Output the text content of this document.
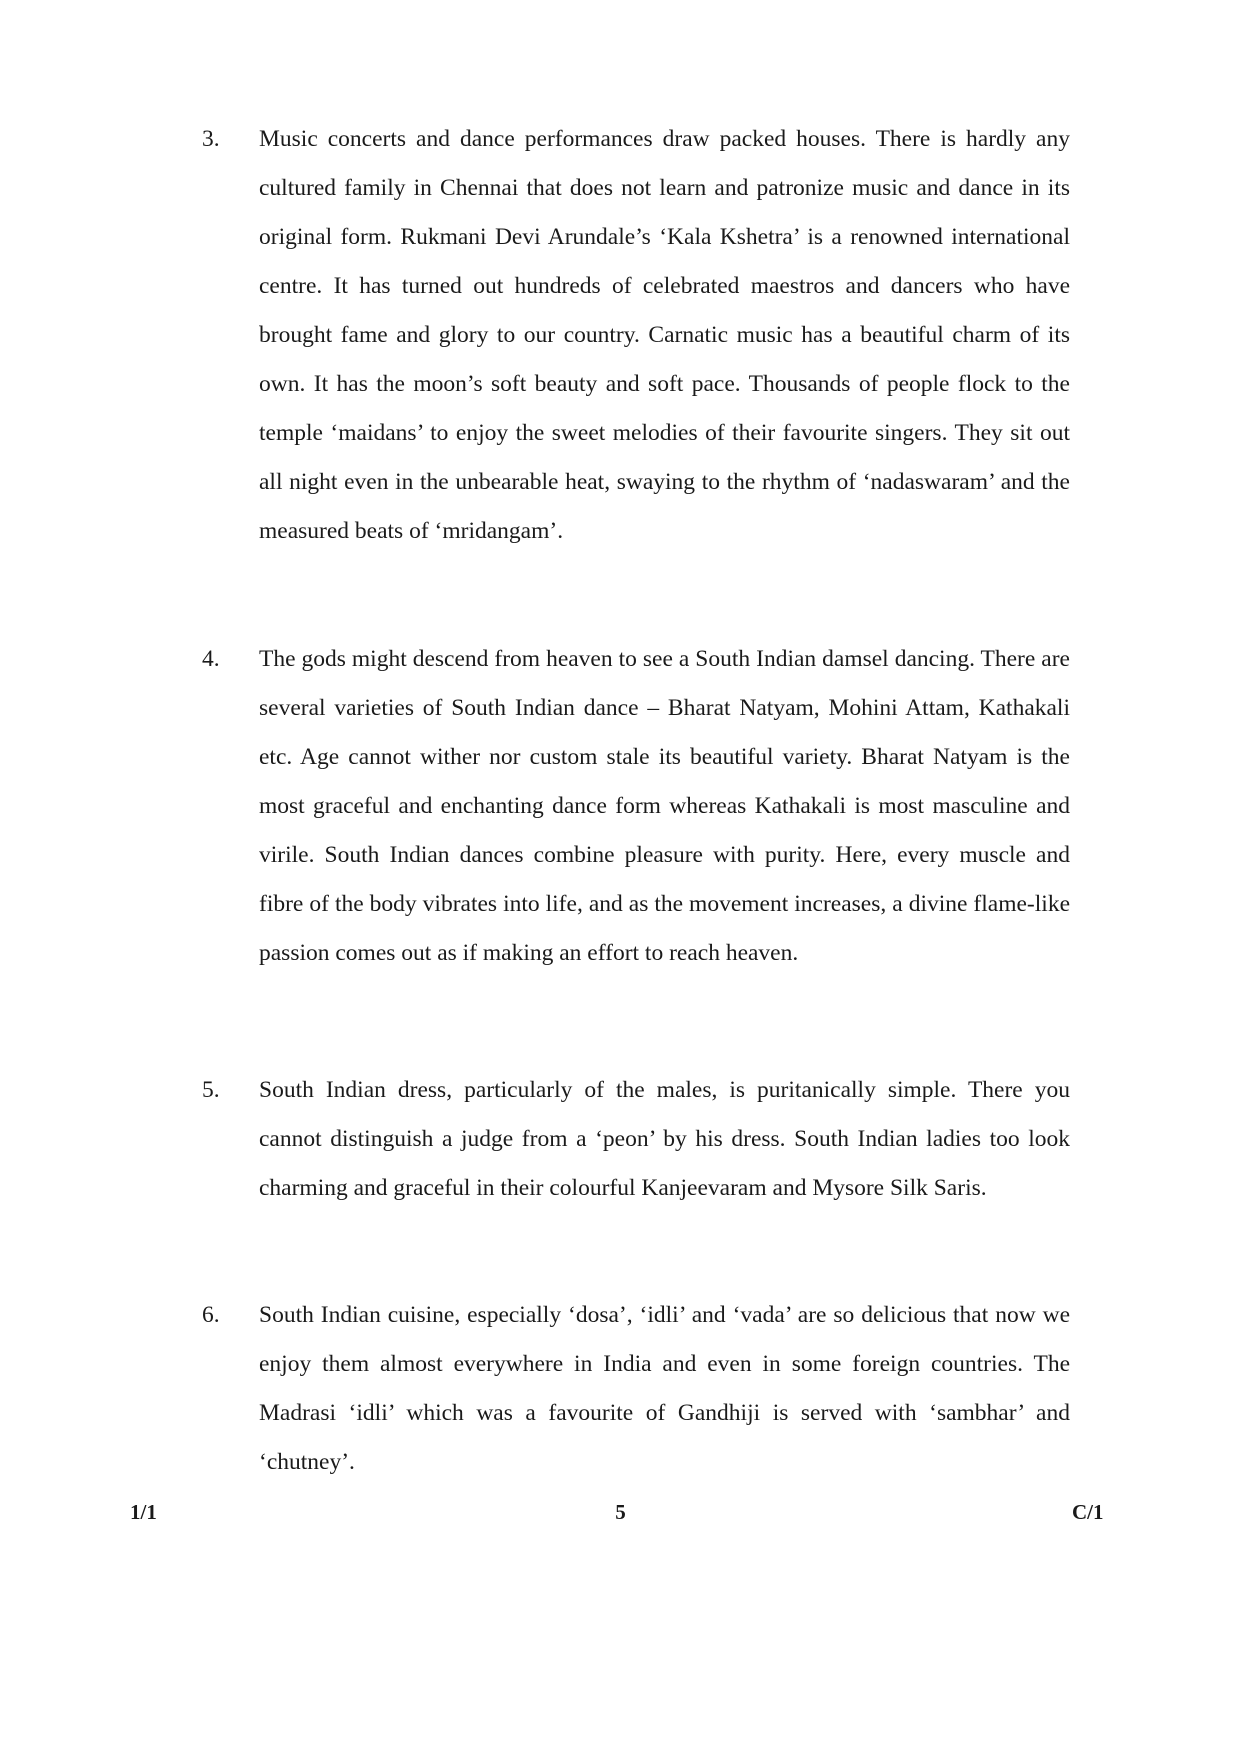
3. Music concerts and dance performances draw packed houses. There is hardly any cultured family in Chennai that does not learn and patronize music and dance in its original form. Rukmani Devi Arundale’s ‘Kala Kshetra’ is a renowned international centre. It has turned out hundreds of celebrated maestros and dancers who have brought fame and glory to our country. Carnatic music has a beautiful charm of its own. It has the moon’s soft beauty and soft pace. Thousands of people flock to the temple ‘maidans’ to enjoy the sweet melodies of their favourite singers. They sit out all night even in the unbearable heat, swaying to the rhythm of ‘nadaswaram’ and the measured beats of ‘mridangam’.
4. The gods might descend from heaven to see a South Indian damsel dancing. There are several varieties of South Indian dance – Bharat Natyam, Mohini Attam, Kathakali etc. Age cannot wither nor custom stale its beautiful variety. Bharat Natyam is the most graceful and enchanting dance form whereas Kathakali is most masculine and virile. South Indian dances combine pleasure with purity. Here, every muscle and fibre of the body vibrates into life, and as the movement increases, a divine flame-like passion comes out as if making an effort to reach heaven.
5. South Indian dress, particularly of the males, is puritanically simple. There you cannot distinguish a judge from a ‘peon’ by his dress. South Indian ladies too look charming and graceful in their colourful Kanjeevaram and Mysore Silk Saris.
6. South Indian cuisine, especially ‘dosa’, ‘idli’ and ‘vada’ are so delicious that now we enjoy them almost everywhere in India and even in some foreign countries. The Madrasi ‘idli’ which was a favourite of Gandhiji is served with ‘sambhar’ and ‘chutney’.
1/1	5	C/1
